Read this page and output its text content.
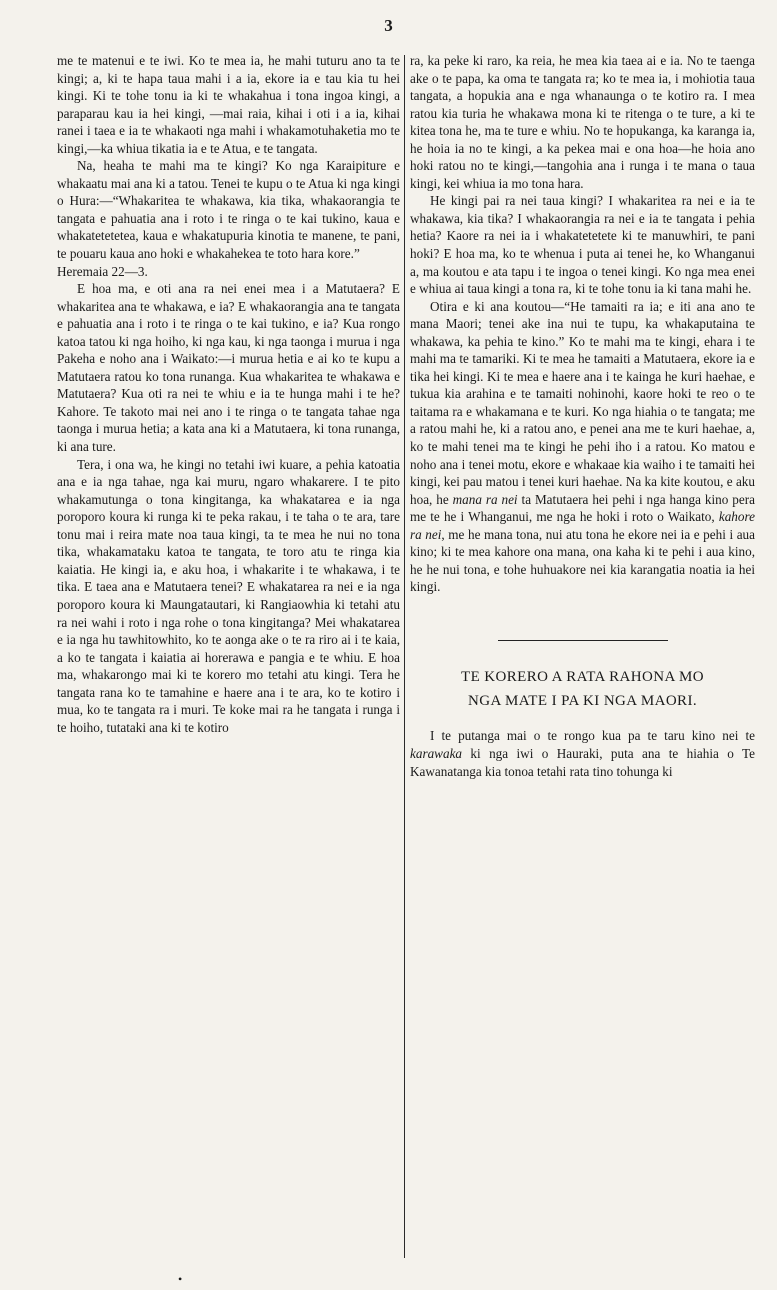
3

me te matenui e te iwi. Ko te mea ia, he mahi tuturu ano ta te kingi; a, ki te hapa taua mahi i a ia, ekore ia e tau kia tu hei kingi. Ki te tohe tonu ia ki te whakahua i tona ingoa kingi, a paraparau kau ia hei kingi, —mai raia, kihai i oti i a ia, kihai ranei i taea e ia te whakaoti nga mahi i whakamotuhaketia mo te kingi,—ka whiua tikatia ia e te Atua, e te tangata.

Na, heaha te mahi ma te kingi? Ko nga Karaipiture e whakaatu mai ana ki a tatou. Tenei te kupu o te Atua ki nga kingi o Hura:—“Whakaritea te whakawa, kia tika, whakaorangia te tangata e pahuatia ana i roto i te ringa o te kai tukino, kaua e whakatetetetea, kaua e whakatupuria kinotia te manene, te pani, te pouaru kaua ano hoki e whakahekea te toto hara kore.”

Heremaia 22—3.

E hoa ma, e oti ana ra nei enei mea i a Matutaera? E whakaritea ana te whakawa, e ia? E whakaorangia ana te tangata e pahuatia ana i roto i te ringa o te kai tukino, e ia? Kua rongo katoa tatou ki nga hoiho, ki nga kau, ki nga taonga i murua i nga Pakeha e noho ana i Waikato:—i murua hetia e ai ko te kupu a Matutaera ratou ko tona runanga. Kua whakaritea te whakawa e Matutaera? Kua oti ra nei te whiu e ia te hunga mahi i te he? Kahore. Te takoto mai nei ano i te ringa o te tangata tahae nga taonga i murua hetia; a kata ana ki a Matutaera, ki tona runanga, ki ana ture.

Tera, i ona wa, he kingi no tetahi iwi kuare, a pehia katoatia ana e ia nga tahae, nga kai muru, ngaro whakarere. I te pito whakamutunga o tona kingitanga, ka whakatarea e ia nga poroporo koura ki runga ki te peka rakau, i te taha o te ara, tare tonu mai i reira mate noa taua kingi, ta te mea he nui no tona tika, whakamataku katoa te tangata, te toro atu te ringa kia kaiatia. He kingi ia, e aku hoa, i whakarite i te whakawa, i te tika. E taea ana e Matutaera tenei? E whakatarea ra nei e ia nga poroporo koura ki Maungatautari, ki Rangiaowhia ki tetahi atu ra nei wahi i roto i nga rohe o tona kingitanga? Mei whakatarea e ia nga hu tawhitowhito, ko te aonga ake o te ra riro ai i te kaia, a ko te tangata i kaiatia ai horerawa e pangia e te whiu. E hoa ma, whakarongo mai ki te korero mo tetahi atu kingi. Tera he tangata rana ko te tamahine e haere ana i te ara, ko te kotiro i mua, ko te tangata ra i muri. Te koke mai ra he tangata i runga i te hoiho, tutataki ana ki te kotiro

ra, ka peke ki raro, ka reia, he mea kia taea ai e ia. No te taenga ake o te papa, ka oma te tangata ra; ko te mea ia, i mohiotia taua tangata, a hopukia ana e nga whanaunga o te kotiro ra. I mea ratou kia turia he whakawa mona ki te ritenga o te ture, a ki te kitea tona he, ma te ture e whiu. No te hopukanga, ka karanga ia, he hoia ia no te kingi, a ka pekea mai e ona hoa—he hoia ano hoki ratou no te kingi,—tangohia ana i runga i te mana o taua kingi, kei whiua ia mo tona hara.

He kingi pai ra nei taua kingi? I whakaritea ra nei e ia te whakawa, kia tika? I whakaorangia ra nei e ia te tangata i pehia hetia? Kaore ra nei ia i whakatetetete ki te manuwhiri, te pani hoki? E hoa ma, ko te whenua i puta ai tenei he, ko Whanganui a, ma koutou e ata tapu i te ingoa o tenei kingi. Ko nga mea enei e whiua ai taua kingi a tona ra, ki te tohe tonu ia ki tana mahi he.

Otira e ki ana koutou—“He tamaiti ra ia; e iti ana ano te mana Maori; tenei ake ina nui te tupu, ka whakaputaina te whakawa, ka pehia te kino.” Ko te mahi ma te kingi, ehara i te mahi ma te tamariki. Ki te mea he tamaiti a Matutaera, ekore ia e tika hei kingi. Ki te mea e haere ana i te kainga he kuri haehae, e tukua kia arahina e te tamaiti nohinohi, kaore hoki te reo o te taitama ra e whakamana e te kuri. Ko nga hiahia o te tangata; me a ratou mahi he, ki a ratou ano, e penei ana me te kuri haehae, a, ko te mahi tenei ma te kingi he pehi iho i a ratou. Ko matou e noho ana i tenei motu, ekore e whakaae kia waiho i te tamaiti hei kingi, kei pau matou i tenei kuri haehae. Na ka kite koutou, e aku hoa, he mana ra nei ta Matutaera hei pehi i nga hanga kino pera me te he i Whanganui, me nga he hoki i roto o Waikato, kahore ra nei, me he mana tona, nui atu tona he ekore nei ia e pehi i aua kino; ki te mea kahore ona mana, ona kaha ki te pehi i aua kino, he he nui tona, e tohe huhuakore nei kia karangatia noatia ia hei kingi.

TE KORERO A RATA RAHONA MO
NGA MATE I PA KI NGA MAORI.

I te putanga mai o te rongo kua pa te taru kino nei te karawaka ki nga iwi o Hauraki, puta ana te hiahia o Te Kawanatanga kia tonoa tetahi rata tino tohunga ki

•
